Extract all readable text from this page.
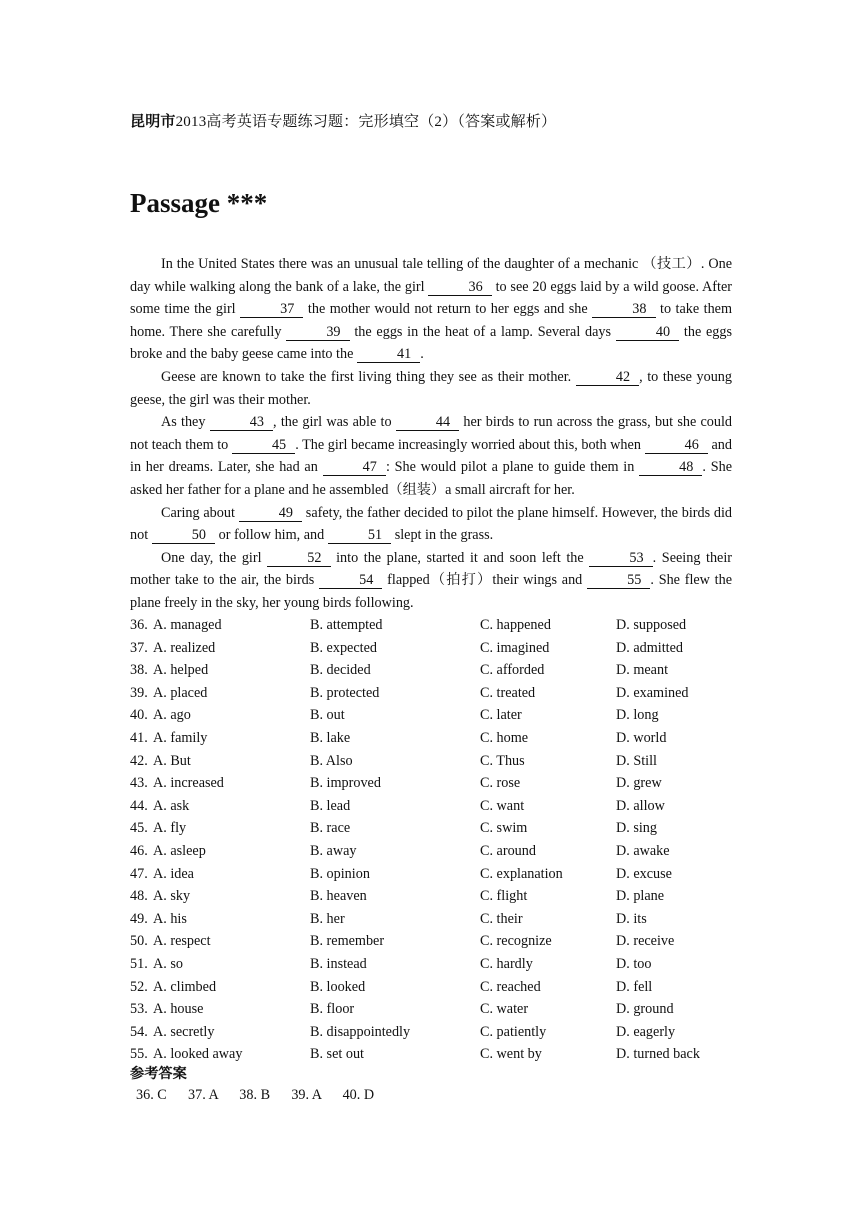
昆明市2013高考英语专题练习题：完形填空（2）（答案或解析）
Passage ***

In the United States there was an unusual tale telling of the daughter of a mechanic （技工）. One day while walking along the bank of a lake, the girl   36   to see 20 eggs laid by a wild goose. After some time the girl   37   the mother would not return to her eggs and she   38   to take them home. There she carefully   39   the eggs in the heat of a lamp. Several days   40   the eggs broke and the baby geese came into the   41  .

Geese are known to take the first living thing they see as their mother.   42  , to these young geese, the girl was their mother.

As they   43  , the girl was able to   44   her birds to run across the grass, but she could not teach them to   45  . The girl became increasingly worried about this, both when   46   and in her dreams. Later, she had an   47  : She would pilot a plane to guide them in   48  . She asked her father for a plane and he assembled（组装）a small aircraft for her.

Caring about   49   safety, the father decided to pilot the plane himself. However, the birds did not   50   or follow him, and   51   slept in the grass.

One day, the girl   52   into the plane, started it and soon left the   53  . Seeing their mother take to the air, the birds   54   flapped（拍打）their wings and   55  . She flew the plane freely in the sky, her young birds following.

36. A. managed	B. attempted	C. happened	D. supposed
37. A. realized	B. expected	C. imagined	D. admitted
38. A. helped	B. decided	C. afforded	D. meant
39. A. placed	B. protected	C. treated	D. examined
40. A. ago	B. out	C. later	D. long
41. A. family	B. lake	C. home	D. world
42. A. But	B. Also	C. Thus	D. Still
43. A. increased	B. improved	C. rose	D. grew
44. A. ask	B. lead	C. want	D. allow
45. A. fly	B. race	C. swim	D. sing
46. A. asleep	B. away	C. around	D. awake
47. A. idea	B. opinion	C. explanation	D. excuse
48. A. sky	B. heaven	C. flight	D. plane
49. A. his	B. her	C. their	D. its
50. A. respect	B. remember	C. recognize	D. receive
51. A. so	B. instead	C. hardly	D. too
52. A. climbed	B. looked	C. reached	D. fell
53. A. house	B. floor	C. water	D. ground
54. A. secretly	B. disappointedly	C. patiently	D. eagerly
55. A. looked away	B. set out	C. went by	D. turned back
参考答案
36. C 37. A 38. B 39. A 40. D
